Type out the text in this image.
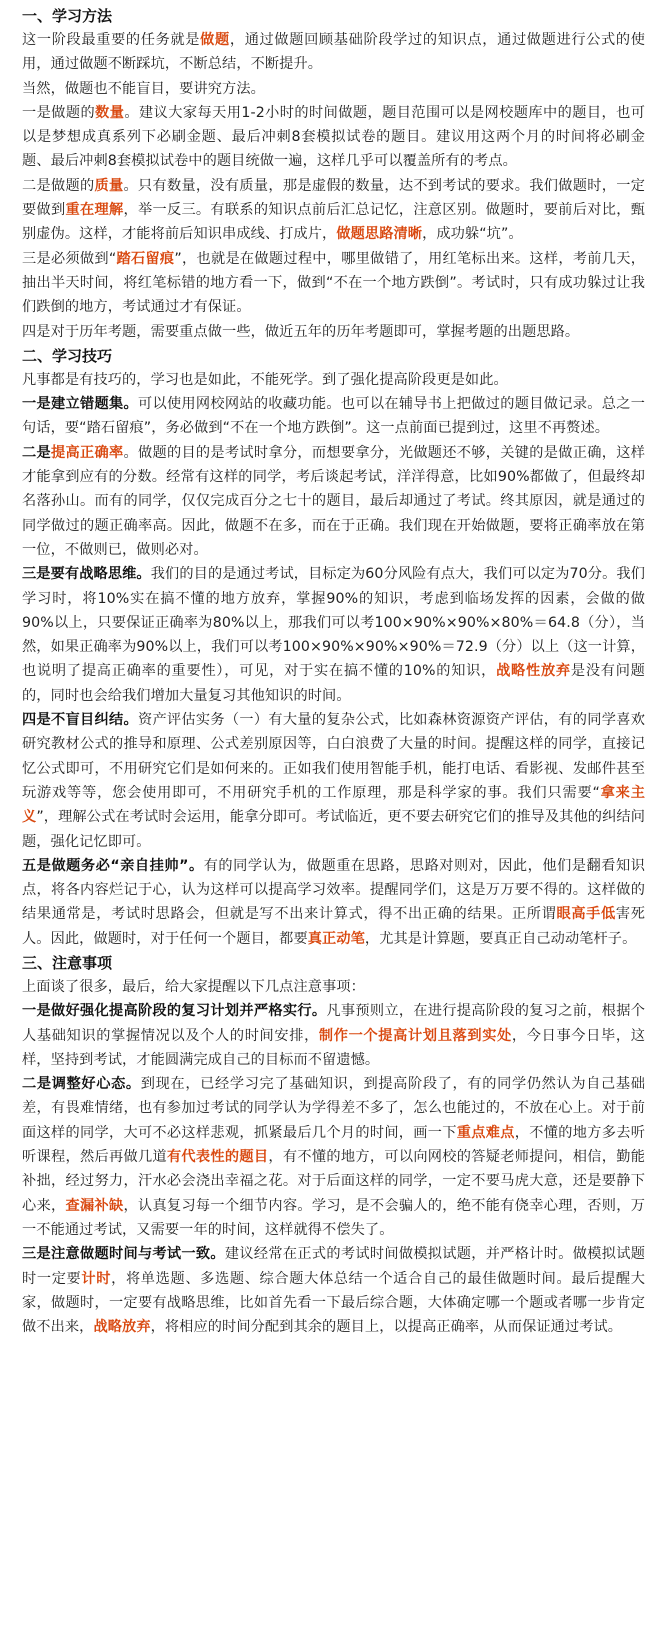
一、学习方法

这一阶段最重要的任务就是做题，通过做题回顾基础阶段学过的知识点，通过做题进行公式的使用，通过做题不断踩坑，不断总结，不断提升。

当然，做题也不能盲目，要讲究方法。

一是做题的数量。建议大家每天用1-2小时的时间做题，题目范围可以是网校题库中的题目，也可以是梦想成真系列下必刷金题、最后冲刺8套模拟试卷的题目。建议用这两个月的时间将必刷金题、最后冲刺8套模拟试卷中的题目统做一遍，这样几乎可以覆盖所有的考点。

二是做题的质量。只有数量，没有质量，那是虚假的数量，达不到考试的要求。我们做题时，一定要做到重在理解，举一反三。有联系的知识点前后汇总记忆，注意区别。做题时，要前后对比，甄别虚伪。这样，才能将前后知识串成线、打成片，做题思路清晰，成功躲“坑”。

三是必须做到“踏石留痕”，也就是在做题过程中，哪里做错了，用红笔标出来。这样，考前几天，抽出半天时间，将红笔标错的地方看一下，做到“不在一个地方跌倒”。考试时，只有成功躲过让我们跌倒的地方，考试通过才有保证。

四是对于历年考题，需要重点做一些，做近五年的历年考题即可，掌握考题的出题思路。

二、学习技巧

凡事都是有技巧的，学习也是如此，不能死学。到了强化提高阶段更是如此。

一是建立错题集。可以使用网校网站的收藏功能。也可以在辅导书上把做过的题目做记录。总之一句话，要“踏石留痕”，务必做到“不在一个地方跌倒”。这一点前面已提到过，这里不再赘述。

二是提高正确率。做题的目的是考试时拿分，而想要拿分，光做题还不够，关键的是做正确，这样才能拿到应有的分数。经常有这样的同学，考后谈起考试，洋洋得意，比如90%都做了，但最终却名落孙山。而有的同学，仅仅完成百分之七十的题目，最后却通过了考试。终其原因，就是通过的同学做过的题正确率高。因此，做题不在多，而在于正确。我们现在开始做题，要将正确率放在第一位，不做则已，做则必对。

三是要有战略思维。我们的目的是通过考试，目标定为60分风险有点大，我们可以定为70分。我们学习时，将10%实在搞不懂的地方放弃，掌握90%的知识，考虑到临场发挥的因素，会做的做90%以上，只要保证正确率为80%以上，那我们可以考100×90%×90%×80%＝64.8（分），当然，如果正确率为90%以上，我们可以考100×90%×90%×90%＝72.9（分）以上（这一计算，也说明了提高正确率的重要性），可见，对于实在搞不懂的10%的知识，战略性放弃是没有问题的，同时也会给我们增加大量复习其他知识的时间。

四是不盲目纠结。资产评估实务（一）有大量的复杂公式，比如森林资源资产评估，有的同学喜欢研究教材公式的推导和原理、公式差别原因等，白白浪费了大量的时间。提醒这样的同学，直接记忆公式即可，不用研究它们是如何来的。正如我们使用智能手机，能打电话、看影视、发邮件甚至玩游戏等等，您会使用即可，不用研究手机的工作原理，那是科学家的事。我们只需要“拿来主义”，理解公式在考试时会运用，能拿分即可。考试临近，更不要去研究它们的推导及其他的纠结问题，强化记忆即可。

五是做题务必“亲自挂帅”。有的同学认为，做题重在思路，思路对则对，因此，他们是翻看知识点，将各内容烂记于心，认为这样可以提高学习效率。提醒同学们，这是万万要不得的。这样做的结果通常是，考试时思路会，但就是写不出来计算式，得不出正确的结果。正所谓眼高手低害死人。因此，做题时，对于任何一个题目，都要真正动笔，尤其是计算题，要真正自己动动笔杆子。

三、注意事项

上面谈了很多，最后，给大家提醒以下几点注意事项：

一是做好强化提高阶段的复习计划并严格实行。凡事预则立，在进行提高阶段的复习之前，根据个人基础知识的掌握情况以及个人的时间安排，制作一个提高计划且落到实处，今日事今日毕，这样，坚持到考试，才能圆满完成自己的目标而不留遗憾。

二是调整好心态。到现在，已经学习完了基础知识，到提高阶段了，有的同学仍然认为自己基础差，有畏难情绪，也有参加过考试的同学认为学得差不多了，怎么也能过的，不放在心上。对于前面这样的同学，大可不必这样悲观，抓紧最后几个月的时间，画一下重点难点，不懂的地方多去听听课程，然后再做几道有代表性的题目，有不懂的地方，可以向网校的答疑老师提问，相信，勤能补拙，经过努力，汗水必会浇出幸福之花。对于后面这样的同学，一定不要马虎大意，还是要静下心来，查漏补缺，认真复习每一个细节内容。学习，是不会骗人的，绝不能有侥幸心理，否则，万一不能通过考试，又需要一年的时间，这样就得不偿失了。

三是注意做题时间与考试一致。建议经常在正式的考试时间做模拟试题，并严格计时。做模拟试题时一定要计时，将单选题、多选题、综合题大体总结一个适合自己的最佳做题时间。最后提醒大家，做题时，一定要有战略思维，比如首先看一下最后综合题，大体确定哪一个题或者哪一步肯定做不出来，战略放弃，将相应的时间分配到其余的题目上，以提高正确率，从而保证通过考试。
